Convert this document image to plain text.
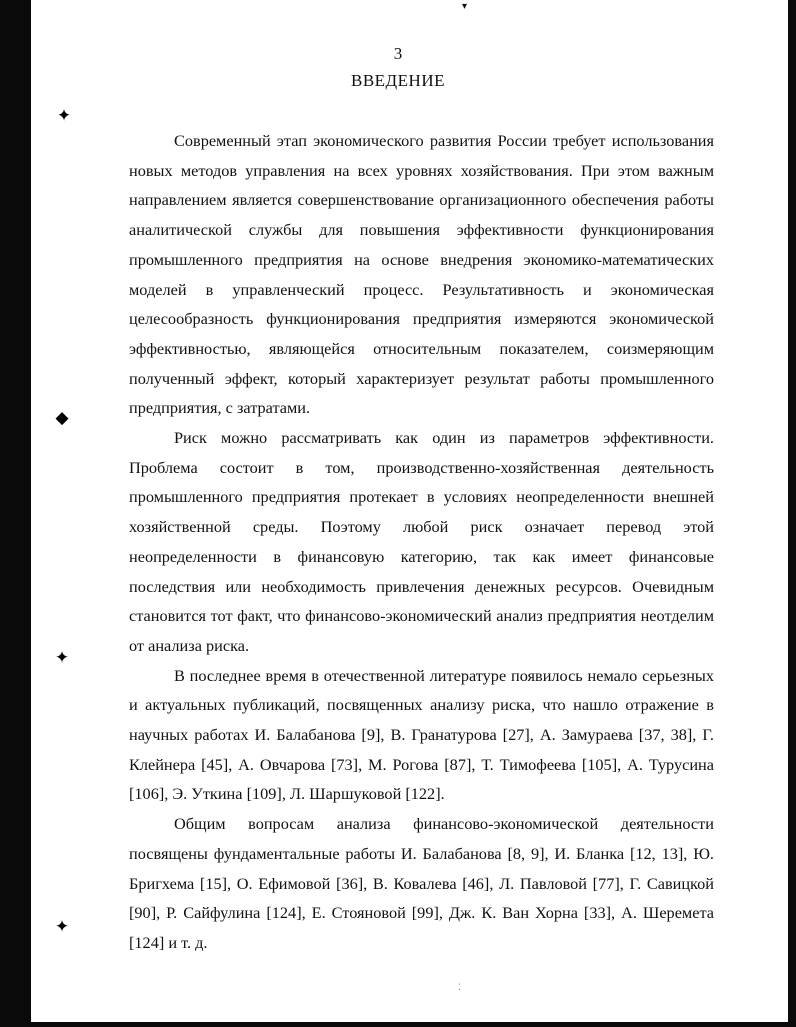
▾
✦
◆
✦
✦
3
ВВЕДЕНИЕ

Современный этап экономического развития России требует использования новых методов управления на всех уровнях хозяйствования. При этом важным направлением является совершенствование организационного обеспечения работы аналитической службы для повышения эффективности функционирования промышленного предприятия на основе внедрения экономико-математических моделей в управленческий процесс. Результативность и экономическая целесообразность функционирования предприятия измеряются экономической эффективностью, являющейся относительным показателем, соизмеряющим полученный эффект, который характеризует результат работы промышленного предприятия, с затратами.

Риск можно рассматривать как один из параметров эффективности. Проблема состоит в том, производственно-хозяйственная деятельность промышленного предприятия протекает в условиях неопределенности внешней хозяйственной среды. Поэтому любой риск означает перевод этой неопределенности в финансовую категорию, так как имеет финансовые последствия или необходимость привлечения денежных ресурсов. Очевидным становится тот факт, что финансово-экономический анализ предприятия неотделим от анализа риска.

В последнее время в отечественной литературе появилось немало серьезных и актуальных публикаций, посвященных анализу риска, что нашло отражение в научных работах И. Балабанова [9], В. Гранатурова [27], А. Замураева [37, 38], Г. Клейнера [45], А. Овчарова [73], М. Рогова [87], Т. Тимофеева [105], А. Турусина [106], Э. Уткина [109], Л. Шаршуковой [122].

Общим вопросам анализа финансово-экономической деятельности посвящены фундаментальные работы И. Балабанова [8, 9], И. Бланка [12, 13], Ю. Бригхема [15], О. Ефимовой [36], В. Ковалева [46], Л. Павловой [77], Г. Савицкой [90], Р. Сайфулина [124], Е. Стояновой [99], Дж. К. Ван Хорна [33], А. Шеремета [124] и т. д.

⁚
